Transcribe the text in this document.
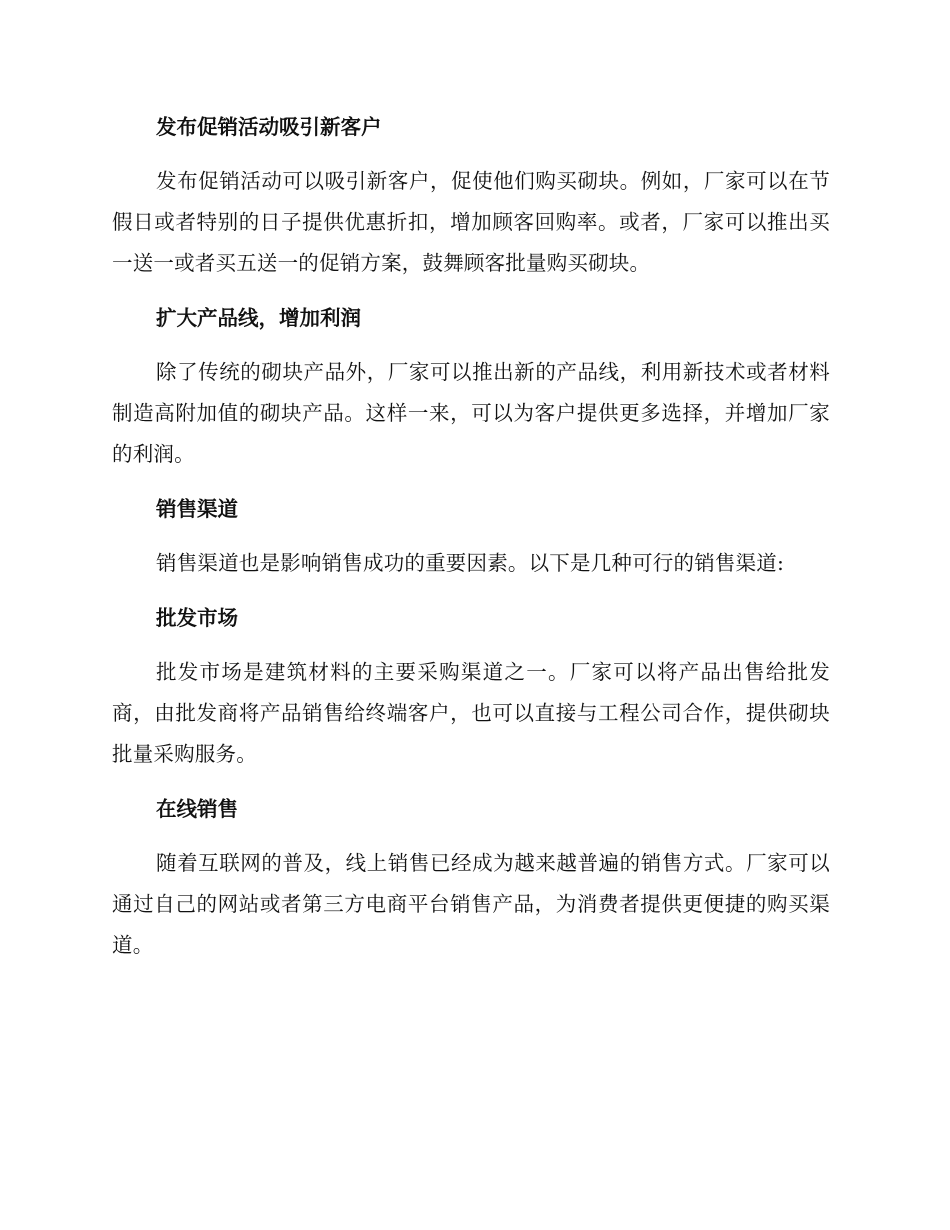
发布促销活动吸引新客户

发布促销活动可以吸引新客户，促使他们购买砌块。例如，厂家可以在节假日或者特别的日子提供优惠折扣，增加顾客回购率。或者，厂家可以推出买一送一或者买五送一的促销方案，鼓舞顾客批量购买砌块。

扩大产品线，增加利润

除了传统的砌块产品外，厂家可以推出新的产品线，利用新技术或者材料制造高附加值的砌块产品。这样一来，可以为客户提供更多选择，并增加厂家的利润。

销售渠道

销售渠道也是影响销售成功的重要因素。以下是几种可行的销售渠道:

批发市场

批发市场是建筑材料的主要采购渠道之一。厂家可以将产品出售给批发商，由批发商将产品销售给终端客户，也可以直接与工程公司合作，提供砌块批量采购服务。

在线销售

随着互联网的普及，线上销售已经成为越来越普遍的销售方式。厂家可以通过自己的网站或者第三方电商平台销售产品，为消费者提供更便捷的购买渠道。
